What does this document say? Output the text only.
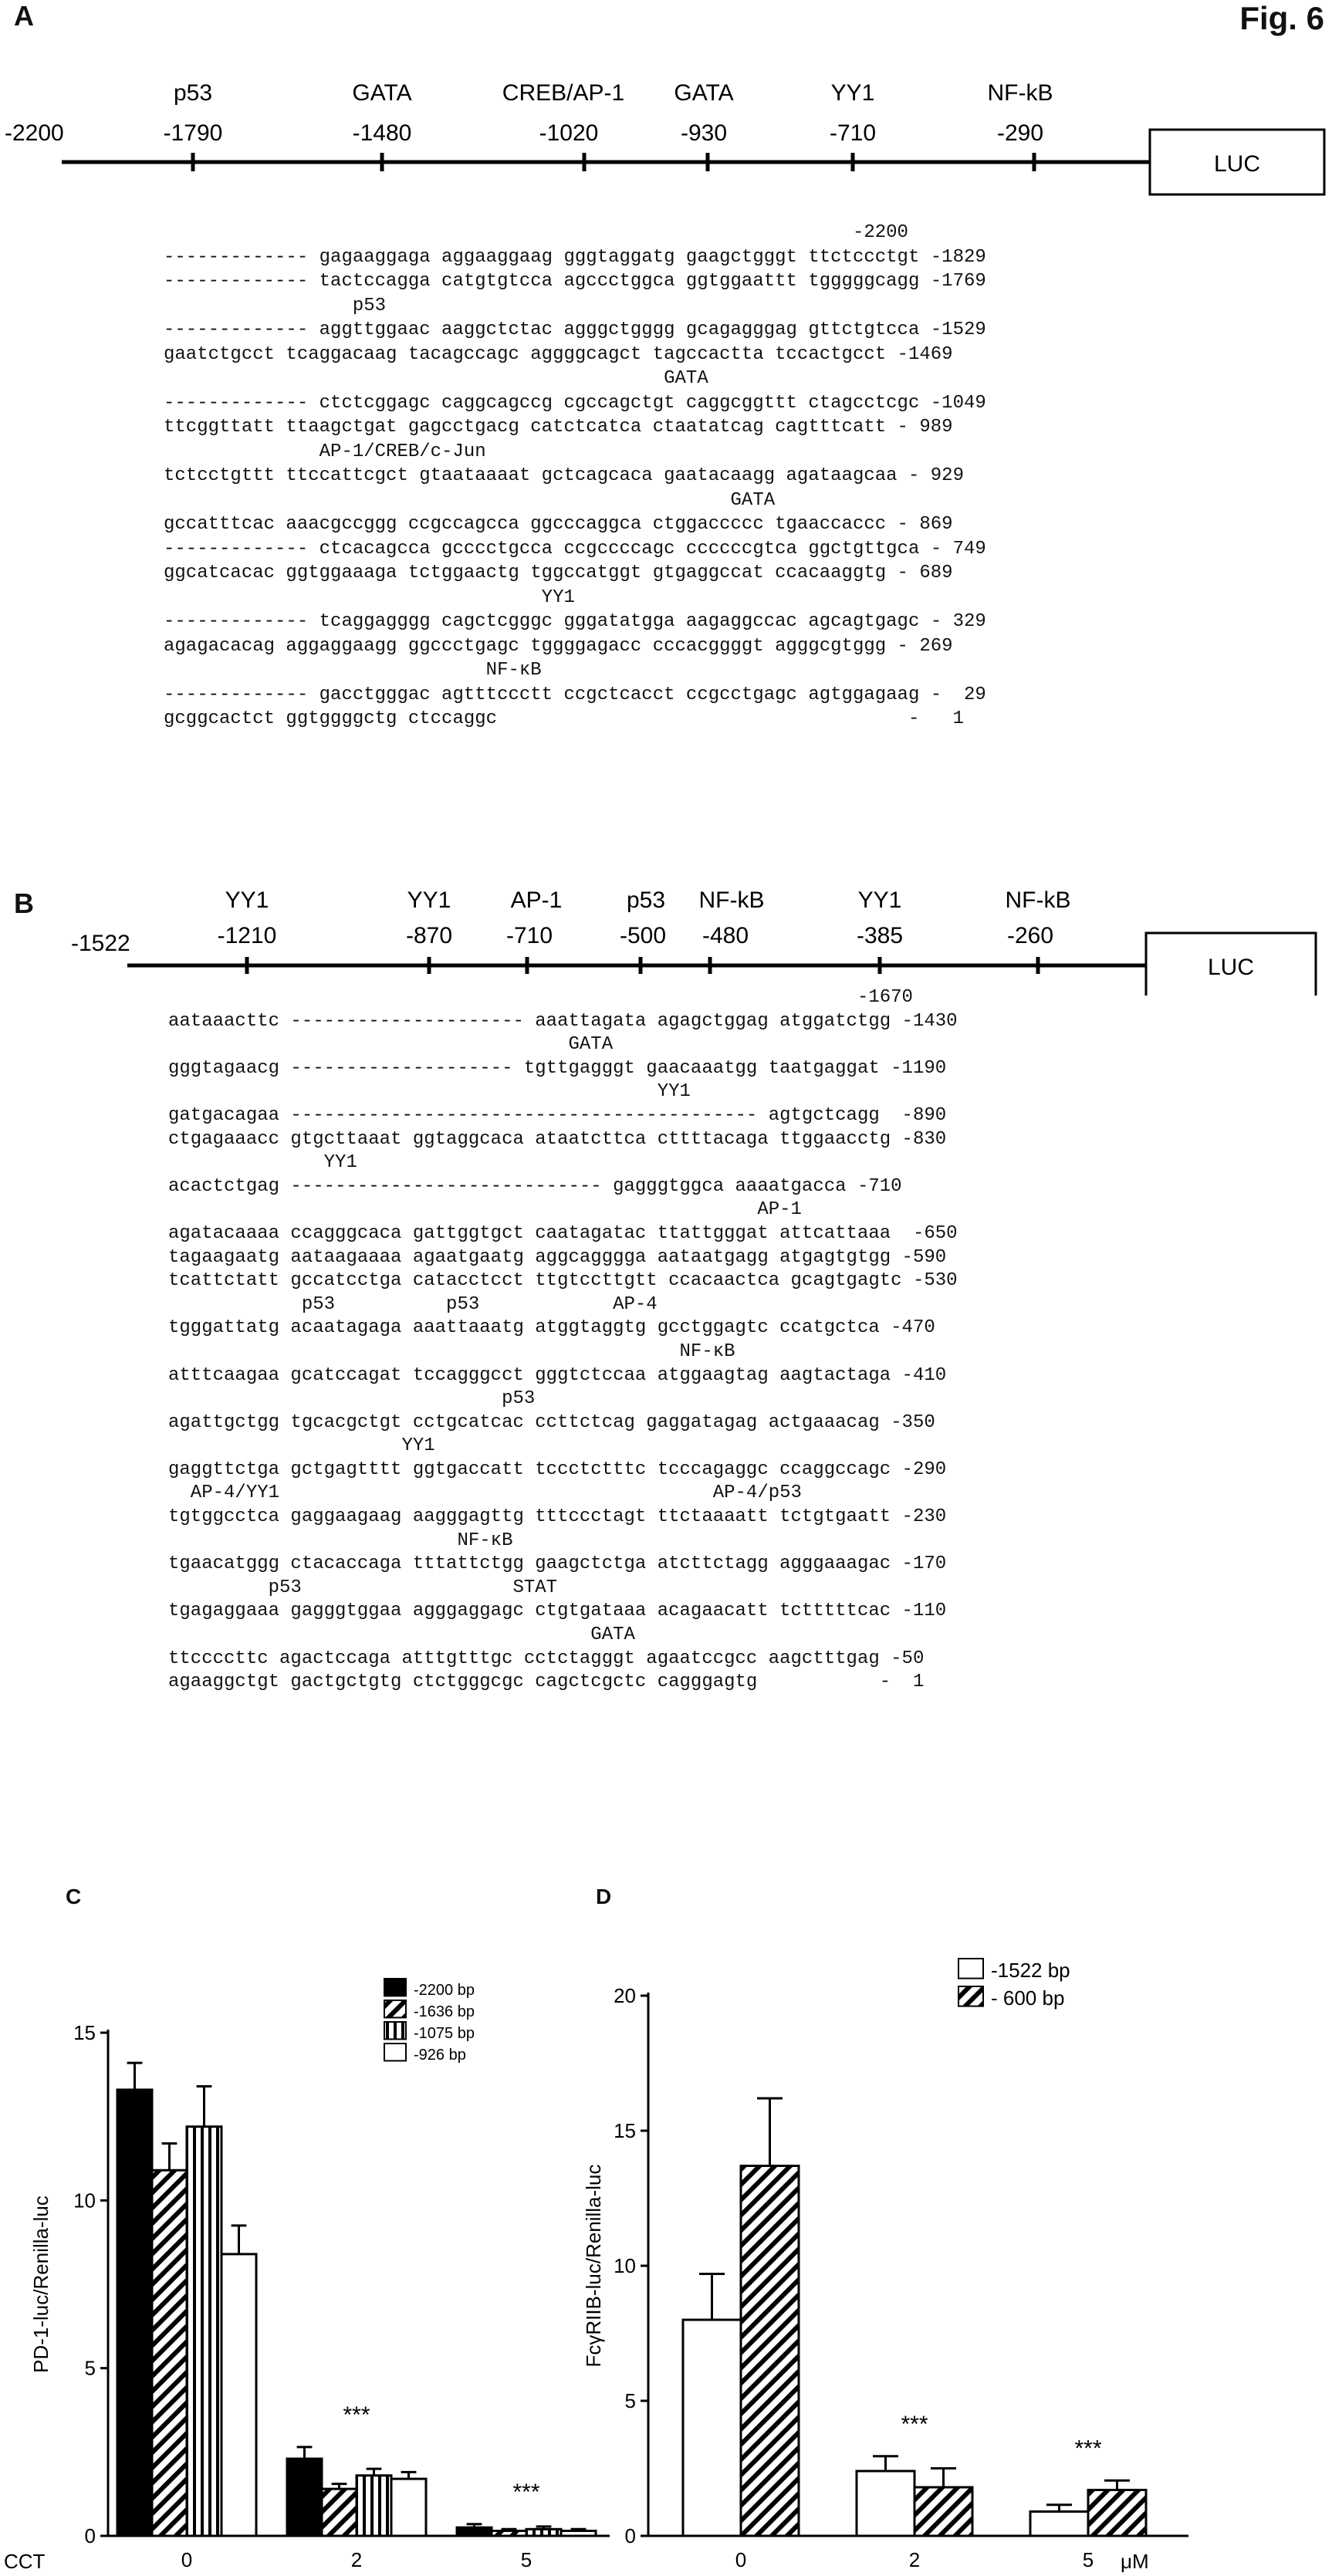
Fig. 6
A
-2200
p53
-1790
GATA
-1480
CREB/AP-1
-1020
GATA
-930
YY1
-710
NF-kB
-290
LUC
-2200
------------- gagaaggaga aggaaggaag gggtaggatg gaagctgggt ttctccctgt -1829
------------- tactccagga catgtgtcca agccctggca ggtggaattt tgggggcagg -1769
p53
------------- aggttggaac aaggctctac agggctgggg gcagagggag gttctgtcca -1529
gaatctgcct tcaggacaag tacagccagc aggggcagct tagccactta tccactgcct -1469
GATA
------------- ctctcggagc caggcagccg cgccagctgt caggcggttt ctagcctcgc -1049
ttcggttatt ttaagctgat gagcctgacg catctcatca ctaatatcag cagtttcatt - 989
AP-1/CREB/c-Jun
tctcctgttt ttccattcgct gtaataaaat gctcagcaca gaatacaagg agataagcaa - 929
GATA
gccatttcac aaacgccggg ccgccagcca ggcccaggca ctggaccccc tgaaccaccc - 869
------------- ctcacagcca gcccctgcca ccgccccagc ccccccgtca ggctgttgca - 749
ggcatcacac ggtggaaaga tctggaactg tggccatggt gtgaggccat ccacaaggtg - 689
YY1
------------- tcaggagggg cagctcgggc gggatatgga aagaggccac agcagtgagc - 329
agagacacag aggaggaagg ggccctgagc tggggagacc cccacggggt agggcgtggg - 269
NF-κB
------------- gacctgggac agtttccctt ccgctcacct ccgcctgagc agtggagaag -  29
gcggcactct ggtggggctg ctccaggc                                     -   1
B
-1522
YY1
-1210
YY1
-870
AP-1
-710
p53
-500
NF-kB
-480
YY1
-385
NF-kB
-260
LUC
-1670
aataaacttc --------------------- aaattagata agagctggag atggatctgg -1430
GATA
gggtagaacg -------------------- tgttgagggt gaacaaatgg taatgaggat -1190
YY1
gatgacagaa ------------------------------------------ agtgctcagg  -890
ctgagaaacc gtgcttaaat ggtaggcaca ataatcttca cttttacaga ttggaacctg -830
YY1
acactctgag ---------------------------- gagggtggca aaaatgacca -710
AP-1
agatacaaaa ccagggcaca gattggtgct caatagatac ttattgggat attcattaaa  -650
tagaagaatg aataagaaaa agaatgaatg aggcagggga aataatgagg atgagtgtgg -590
tcattctatt gccatcctga catacctcct ttgtccttgtt ccacaactca gcagtgagtc -530
p53          p53            AP-4
tgggattatg acaatagaga aaattaaatg atggtaggtg gcctggagtc ccatgctca -470
NF-κB
atttcaagaa gcatccagat tccagggcct gggtctccaa atggaagtag aagtactaga -410
p53
agattgctgg tgcacgctgt cctgcatcac ccttctcag gaggatagag actgaaacag -350
YY1
gaggttctga gctgagtttt ggtgaccatt tccctctttc tcccagaggc ccaggccagc -290
AP-4/YY1                                       AP-4/p53
tgtggcctca gaggaagaag aagggagttg tttccctagt ttctaaaatt tctgtgaatt -230
NF-κB
tgaacatggg ctacaccaga tttattctgg gaagctctga atcttctagg agggaaagac -170
p53                   STAT
tgagaggaaa gagggtggaa agggaggagc ctgtgataaa acagaacatt tctttttcac -110
GATA
ttccccttc agactccaga atttgtttgc cctctagggt agaatccgcc aagctttgag -50
agaaggctgt gactgctgtg ctctgggcgc cagctcgctc cagggagtg           -  1
C	D
0
5
10
15
PD-1-luc/Renilla-luc
0	2
***
5
***
CCT
-2200 bp
-1636 bp
-1075 bp
-926 bp
0
5
10
15
20
FcγRIIB-luc/Renilla-luc
0	2
***
5
***
μM
-1522 bp
- 600 bp
